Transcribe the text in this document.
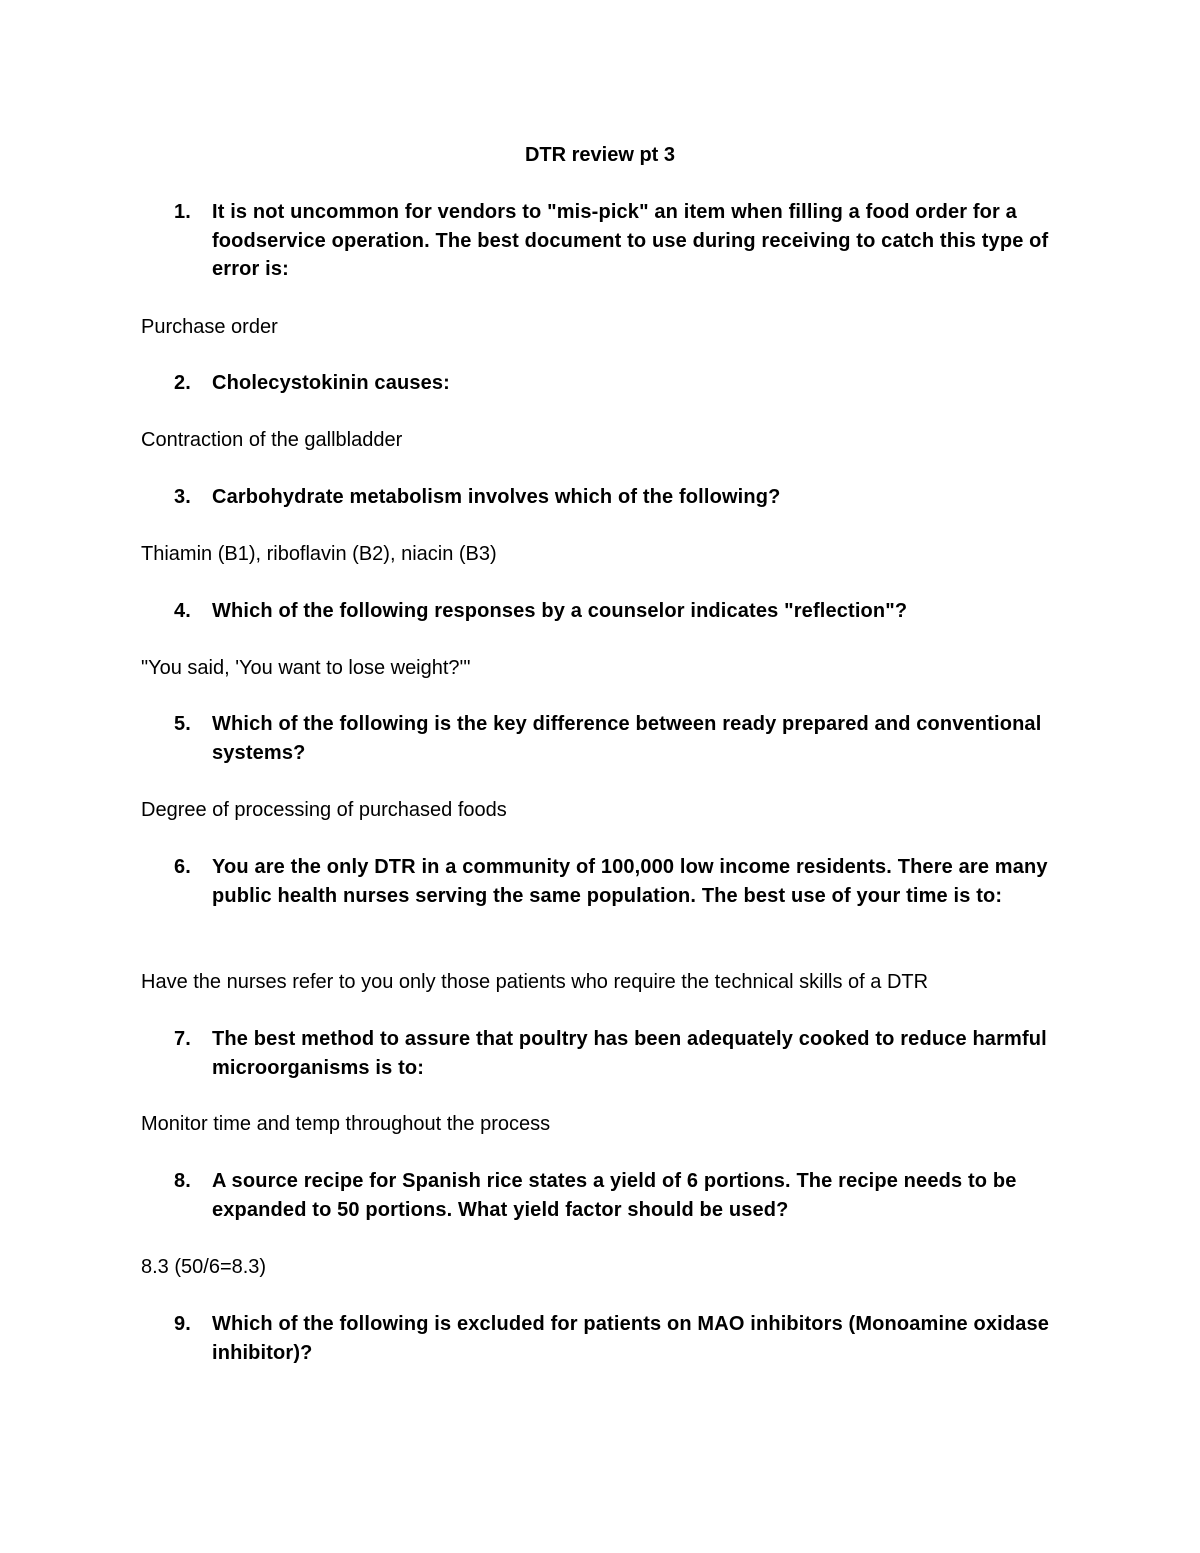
DTR review pt 3
1.	It is not uncommon for vendors to "mis-pick" an item when filling a food order for a foodservice operation. The best document to use during receiving to catch this type of error is:
Purchase order
2.	Cholecystokinin causes:
Contraction of the gallbladder
3.	Carbohydrate metabolism involves which of the following?
Thiamin (B1), riboflavin (B2), niacin (B3)
4.	Which of the following responses by a counselor indicates "reflection"?
"You said, 'You want to lose weight?'"
5.	Which of the following is the key difference between ready prepared and conventional systems?
Degree of processing of purchased foods
6.	You are the only DTR in a community of 100,000 low income residents. There are many public health nurses serving the same population. The best use of your time is to:
Have the nurses refer to you only those patients who require the technical skills of a DTR
7.	The best method to assure that poultry has been adequately cooked to reduce harmful microorganisms is to:
Monitor time and temp throughout the process
8.	A source recipe for Spanish rice states a yield of 6 portions. The recipe needs to be expanded to 50 portions. What yield factor should be used?
8.3 (50/6=8.3)
9.	Which of the following is excluded for patients on MAO inhibitors (Monoamine oxidase inhibitor)?
